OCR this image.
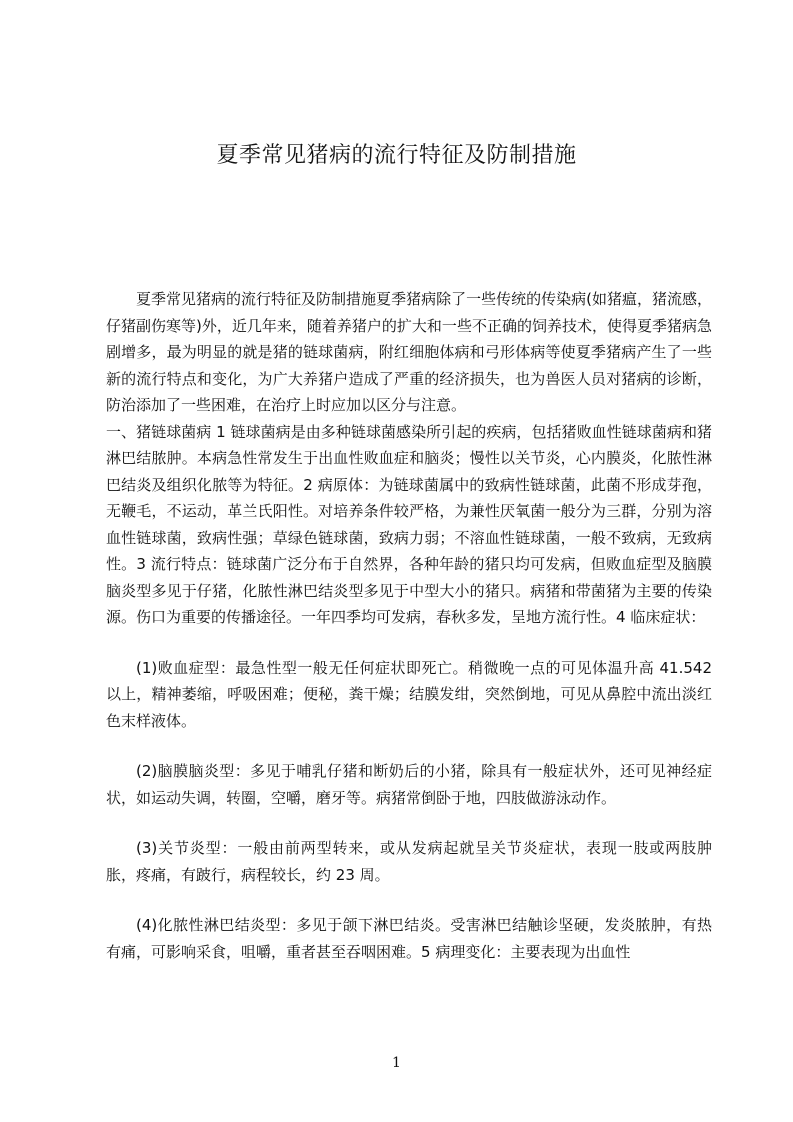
夏季常见猪病的流行特征及防制措施

夏季常见猪病的流行特征及防制措施夏季猪病除了一些传统的传染病(如猪瘟，猪流感，仔猪副伤寒等)外，近几年来，随着养猪户的扩大和一些不正确的饲养技术，使得夏季猪病急剧增多，最为明显的就是猪的链球菌病，附红细胞体病和弓形体病等使夏季猪病产生了一些新的流行特点和变化，为广大养猪户造成了严重的经济损失，也为兽医人员对猪病的诊断，防治添加了一些困难，在治疗上时应加以区分与注意。

一、猪链球菌病 1 链球菌病是由多种链球菌感染所引起的疾病，包括猪败血性链球菌病和猪淋巴结脓肿。本病急性常发生于出血性败血症和脑炎；慢性以关节炎，心内膜炎，化脓性淋巴结炎及组织化脓等为特征。2 病原体：为链球菌属中的致病性链球菌，此菌不形成芽孢，无鞭毛，不运动，革兰氏阳性。对培养条件较严格，为兼性厌氧菌一般分为三群，分别为溶血性链球菌，致病性强；草绿色链球菌，致病力弱；不溶血性链球菌，一般不致病，无致病性。3 流行特点：链球菌广泛分布于自然界，各种年龄的猪只均可发病，但败血症型及脑膜脑炎型多见于仔猪，化脓性淋巴结炎型多见于中型大小的猪只。病猪和带菌猪为主要的传染源。伤口为重要的传播途径。一年四季均可发病，春秋多发，呈地方流行性。4 临床症状：

(1)败血症型：最急性型一般无任何症状即死亡。稍微晚一点的可见体温升高 41.542 以上，精神萎缩，呼吸困难；便秘，粪干燥；结膜发绀，突然倒地，可见从鼻腔中流出淡红色末样液体。

(2)脑膜脑炎型：多见于哺乳仔猪和断奶后的小猪，除具有一般症状外，还可见神经症状，如运动失调，转圈，空嚼，磨牙等。病猪常倒卧于地，四肢做游泳动作。

(3)关节炎型：一般由前两型转来，或从发病起就呈关节炎症状，表现一肢或两肢肿胀，疼痛，有跛行，病程较长，约 23 周。

(4)化脓性淋巴结炎型：多见于颌下淋巴结炎。受害淋巴结触诊坚硬，发炎脓肿，有热有痛，可影响采食，咀嚼，重者甚至吞咽困难。5 病理变化：主要表现为出血性

1
